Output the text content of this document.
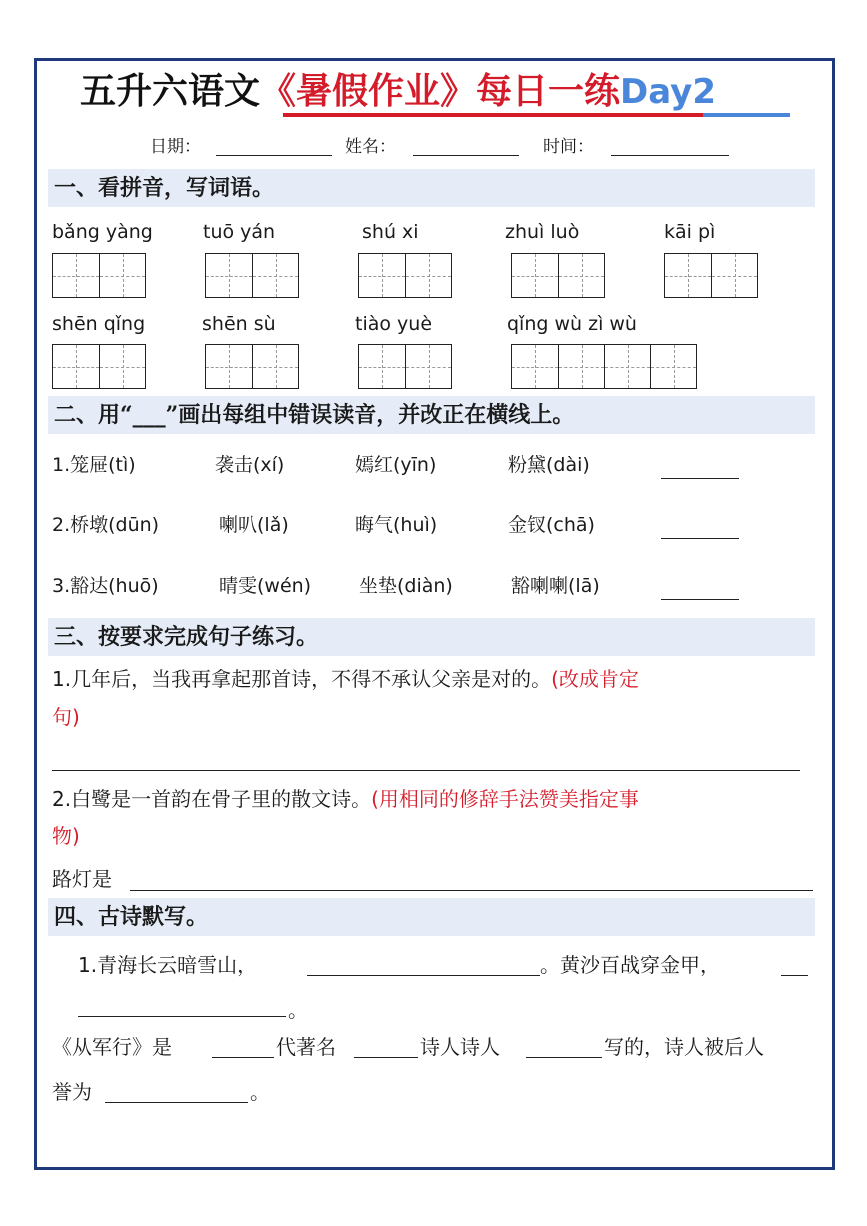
五升六语文《暑假作业》每日一练Day2
日期：	姓名：	时间：
一、看拼音，写词语。
bǎng yàng	tuō yán	shú xi	zhuì luò	kāi pì
shēn qǐng	shēn sù	tiào yuè	qǐng wù zì wù
二、用“___”画出每组中错误读音，并改正在横线上。
1.笼屉(tì)	袭击(xí)	嫣红(yīn)	粉黛(dài)
2.桥墩(dūn)	喇叭(lǎ)	晦气(huì)	金钗(chā)
3.豁达(huō)	晴雯(wén)	坐垫(diàn)	豁喇喇(lā)
三、按要求完成句子练习。
1.几年后，当我再拿起那首诗，不得不承认父亲是对的。(改成肯定
句)
2.白鹭是一首韵在骨子里的散文诗。(用相同的修辞手法赞美指定事
物)
路灯是
四、古诗默写。
1.青海长云暗雪山，	。黄沙百战穿金甲，
。
《从军行》是	代著名	诗人诗人	写的，诗人被后人
誉为	。
